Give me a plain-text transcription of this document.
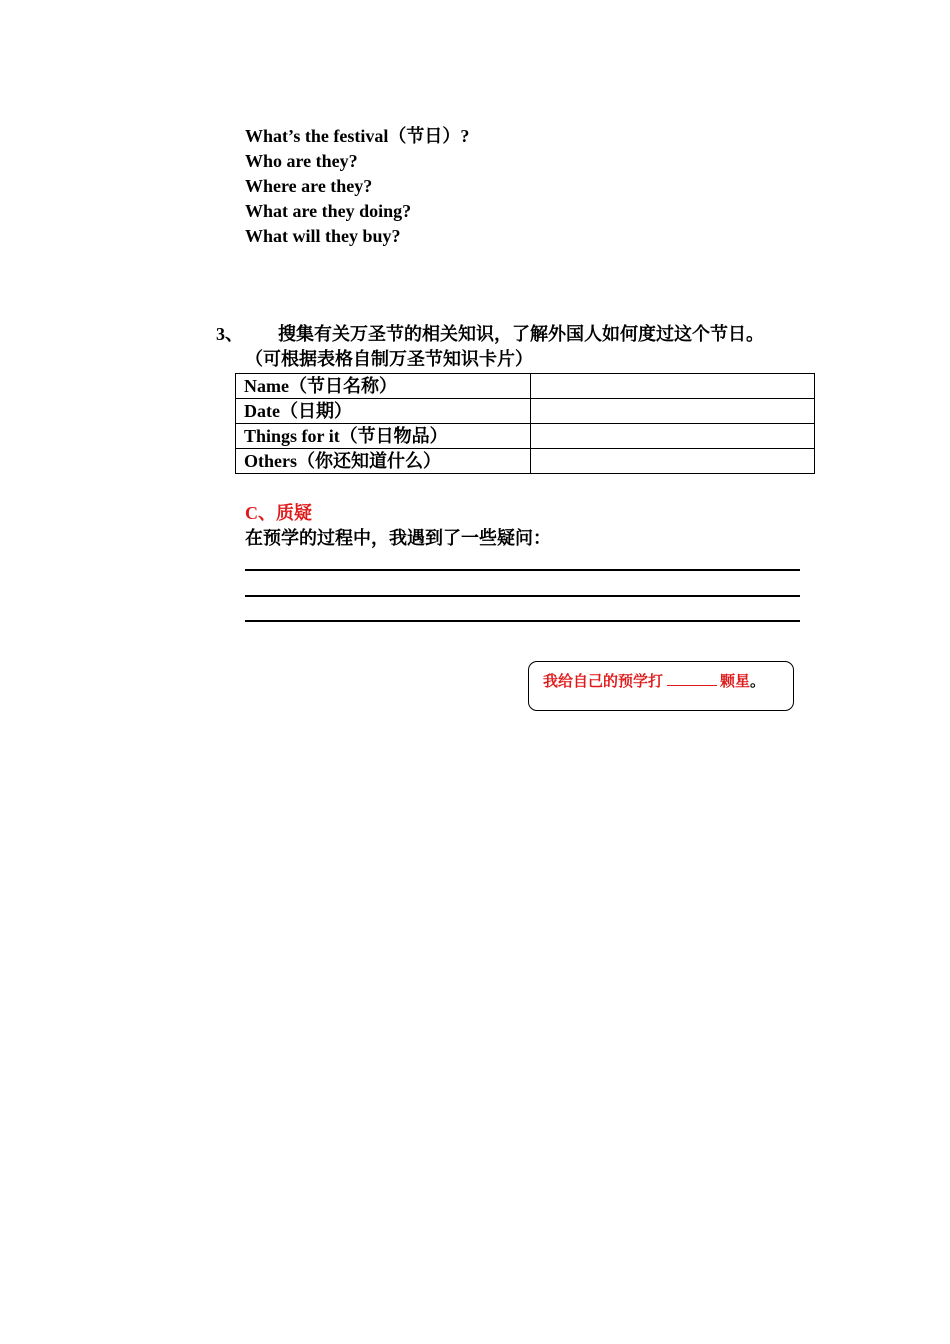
What’s the festival（节日）?
Who are they?
Where are they?
What are they doing?
What will they buy?
3、 搜集有关万圣节的相关知识，了解外国人如何度过这个节日。
（可根据表格自制万圣节知识卡片）
Name（节日名称）	
Date（日期）	
Things for it（节日物品）	
Others（你还知道什么）	
C、质疑
在预学的过程中，我遇到了一些疑问：
我给自己的预学打	颗星。
